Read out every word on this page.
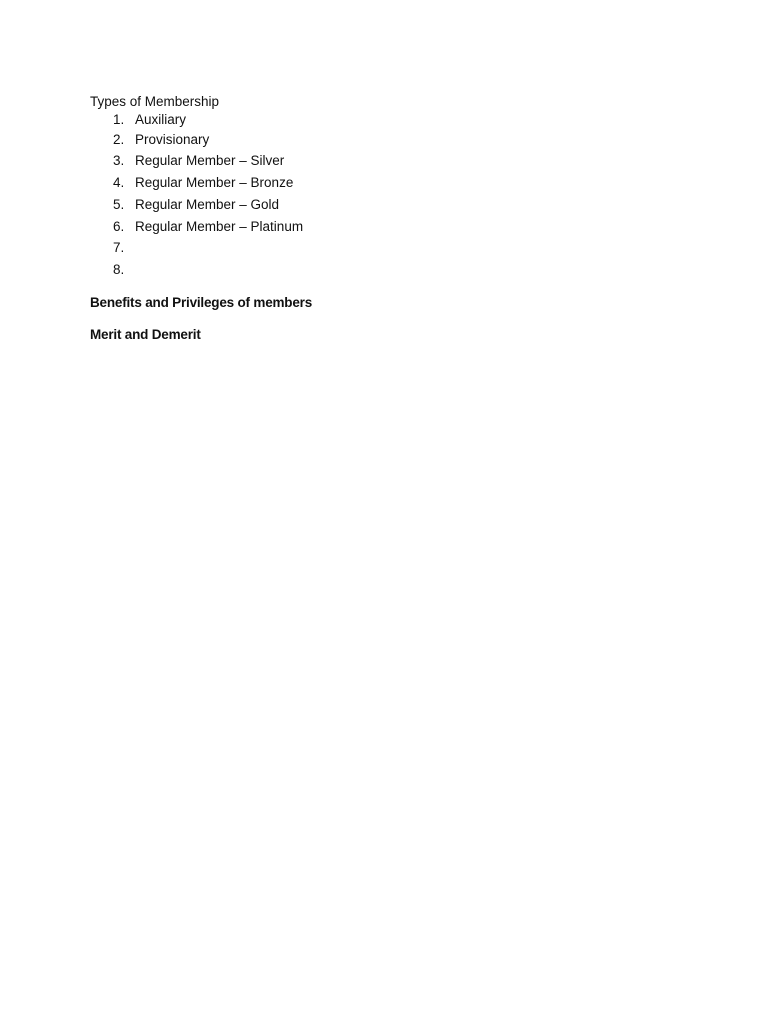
Types of Membership

1. Auxiliary
2. Provisionary
3. Regular Member – Silver
4. Regular Member – Bronze
5. Regular Member – Gold
6. Regular Member – Platinum
7.
8.

Benefits and Privileges of members

Merit and Demerit
